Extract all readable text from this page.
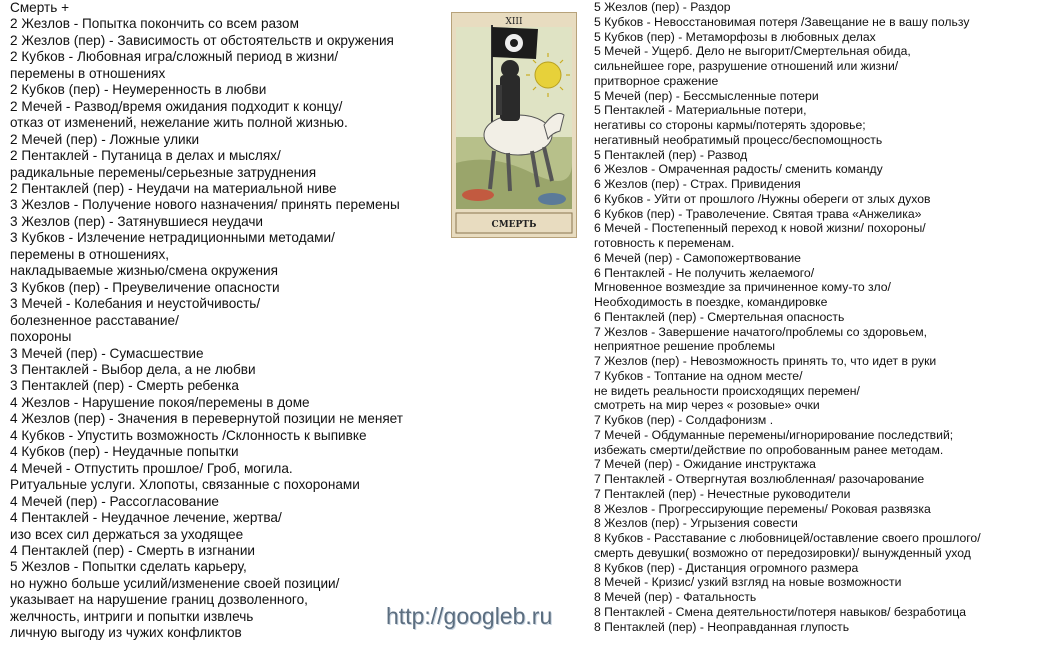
Смерть +
2 Жезлов - Попытка покончить со всем разом
2 Жезлов (пер) - Зависимость от обстоятельств и окружения
2 Кубков - Любовная игра/сложный период в жизни/
перемены в отношениях
2 Кубков (пер) - Неумеренность в любви
2 Мечей - Развод/время ожидания подходит к концу/
отказ от изменений, нежелание жить полной жизнью.
2 Мечей (пер) - Ложные улики
2 Пентаклей - Путаница в делах и мыслях/
радикальные перемены/серьезные затруднения
2 Пентаклей (пер) - Неудачи на материальной ниве
3 Жезлов - Получение нового назначения/ принять перемены
3 Жезлов (пер) - Затянувшиеся неудачи
3 Кубков - Излечение нетрадиционными методами/
перемены в отношениях,
накладываемые жизнью/смена окружения
3 Кубков (пер) - Преувеличение опасности
3 Мечей - Колебания и неустойчивость/
болезненное расставание/
похороны
3 Мечей (пер) - Сумасшествие
3 Пентаклей - Выбор дела, а не любви
3 Пентаклей (пер) - Смерть ребенка
4 Жезлов - Нарушение покоя/перемены в доме
4 Жезлов (пер) - Значения в перевернутой позиции не меняет
4 Кубков - Упустить возможность /Склонность к выпивке
4 Кубков (пер) - Неудачные попытки
4 Мечей - Отпустить прошлое/ Гроб, могила.
Ритуальные услуги. Хлопоты, связанные с похоронами
4 Мечей (пер) - Рассогласование
4 Пентаклей - Неудачное лечение, жертва/
изо всех сил держаться за уходящее
4 Пентаклей (пер) - Смерть в изгнании
5 Жезлов - Попытки сделать карьеру,
но нужно больше усилий/изменение своей позиции/
указывает на нарушение границ дозволенного,
желчность, интриги и попытки извлечь
личную выгоду из чужих конфликтов
XIII
СМЕРТЬ
5 Жезлов (пер) - Раздор
5 Кубков - Невосстановимая потеря /Завещание не в вашу пользу
5 Кубков (пер) - Метаморфозы в любовных делах
5 Мечей - Ущерб. Дело не выгорит/Смертельная обида,
сильнейшее горе, разрушение отношений или жизни/
притворное сражение
5 Мечей (пер) - Бессмысленные потери
5 Пентаклей - Материальные потери,
негативы со стороны кармы/потерять здоровье;
негативный необратимый процесс/беспомощность
5 Пентаклей (пер) - Развод
6 Жезлов - Омраченная радость/ сменить команду
6 Жезлов (пер) - Страх. Привидения
6 Кубков - Уйти от прошлого /Нужны обереги от злых духов
6 Кубков (пер) - Траволечение. Святая трава «Анжелика»
6 Мечей - Постепенный переход к новой жизни/ похороны/
готовность к переменам.
6 Мечей (пер) - Самопожертвование
6 Пентаклей - Не получить желаемого/
Мгновенное возмездие за причиненное кому-то зло/
Необходимость в поездке, командировке
6 Пентаклей (пер) - Смертельная опасность
7 Жезлов - Завершение начатого/проблемы со здоровьем,
неприятное решение проблемы
7 Жезлов (пер) - Невозможность принять то, что идет в руки
7 Кубков - Топтание на одном месте/
не видеть реальности происходящих перемен/
смотреть на мир через « розовые» очки
7 Кубков (пер) - Солдафонизм .
7 Мечей - Обдуманные перемены/игнорирование последствий;
избежать смерти/действие по опробованным ранее методам.
7 Мечей (пер) - Ожидание инструктажа
7 Пентаклей - Отвергнутая возлюбленная/ разочарование
7 Пентаклей (пер) - Нечестные руководители
8 Жезлов - Прогрессирующие перемены/ Роковая развязка
8 Жезлов (пер) - Угрызения совести
8 Кубков - Расставание с любовницей/оставление своего прошлого/
смерть девушки( возможно от передозировки)/ вынужденный уход
8 Кубков (пер) - Дистанция огромного размера
8 Мечей - Кризис/ узкий взгляд на новые возможности
8 Мечей (пер) - Фатальность
8 Пентаклей - Смена деятельности/потеря навыков/ безработица
8 Пентаклей (пер) - Неоправданная глупость
http://googleb.ru
